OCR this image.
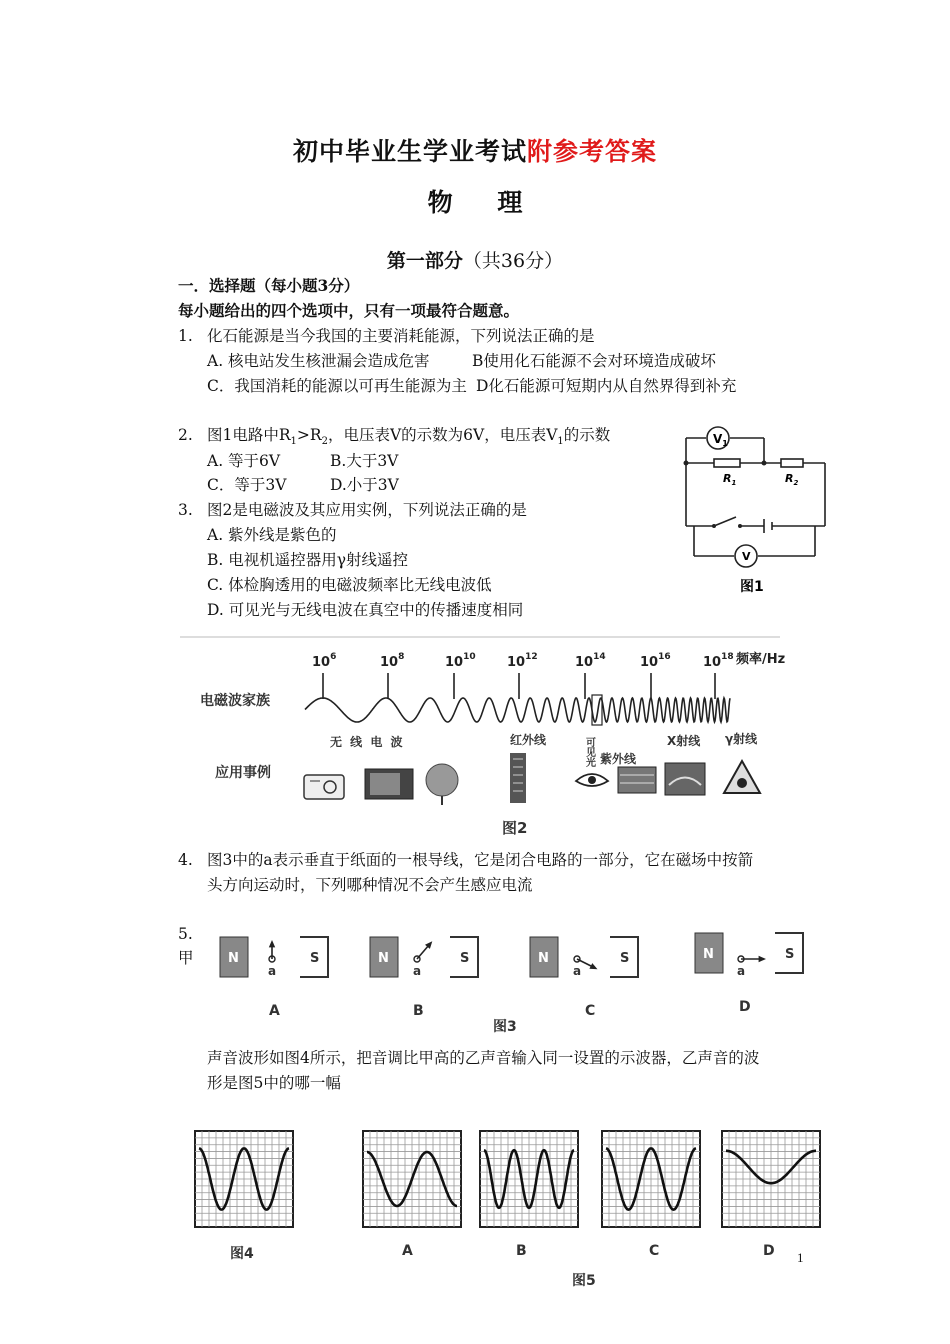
初中毕业生学业考试附参考答案
物 理
第一部分（共36分）
一．选择题（每小题3分）
每小题给出的四个选项中，只有一项最符合题意。
1. 化石能源是当今我国的主要消耗能源，下列说法正确的是
A. 核电站发生核泄漏会造成危害	B使用化石能源不会对环境造成破坏
C．我国消耗的能源以可再生能源为主 D化石能源可短期内从自然界得到补充
2. 图1电路中$R_1>R_2$，电压表V的示数为6V，电压表$V_1$的示数
A. 等于6V	B.大于3V
C．等于3V	D.小于3V
3. 图2是电磁波及其应用实例，下列说法正确的是
A. 紫外线是紫色的
B. 电视机遥控器用γ射线遥控
C. 体检胸透用的电磁波频率比无线电波低
D. 可见光与无线电波在真空中的传播速度相同
$V_1$
$R_1$	$R_2$
V
图1
$10^6$	$10^8$	$10^{10}$ $10^{12}$	$10^{14}$	$10^{16}$ $10^{18}$ 频率/Hz
电磁波家族
应用事例
无 线 电 波	红外线
紫外线
X射线 γ射线
可见光
图2
4. 图3中的a表示垂直于纸面的一根导线，它是闭合电路的一部分，它在磁场中按箭
头方向运动时，下列哪种情况不会产生感应电流
5.
甲	N	S
a
N	S
a
N	S
a
N	S
a
A	B	C	D
图3
声音波形如图4所示，把音调比甲高的乙声音输入同一设置的示波器，乙声音的波
形是图5中的哪一幅
图4	A	B	C	D
图5
1
